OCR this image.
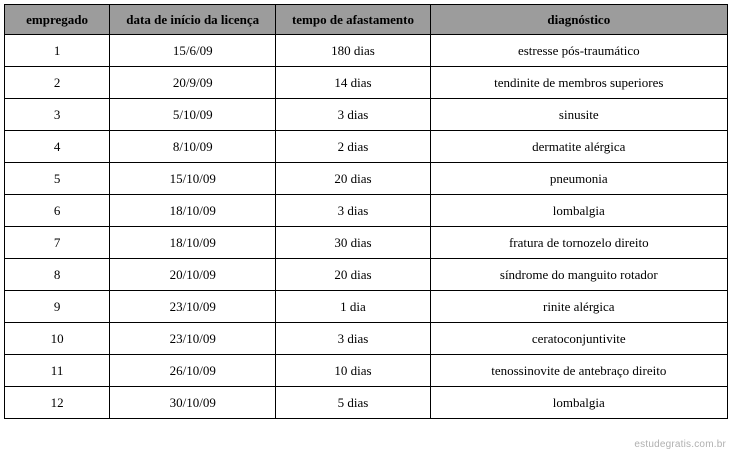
empregado	data de início da licença	tempo de afastamento	diagnóstico
1	15/6/09	180 dias	estresse pós-traumático
2	20/9/09	14 dias	tendinite de membros superiores
3	5/10/09	3 dias	sinusite
4	8/10/09	2 dias	dermatite alérgica
5	15/10/09	20 dias	pneumonia
6	18/10/09	3 dias	lombalgia
7	18/10/09	30 dias	fratura de tornozelo direito
8	20/10/09	20 dias	síndrome do manguito rotador
9	23/10/09	1 dia	rinite alérgica
10	23/10/09	3 dias	ceratoconjuntivite
11	26/10/09	10 dias	tenossinovite de antebraço direito
12	30/10/09	5 dias	lombalgia
estudegratis.com.br
